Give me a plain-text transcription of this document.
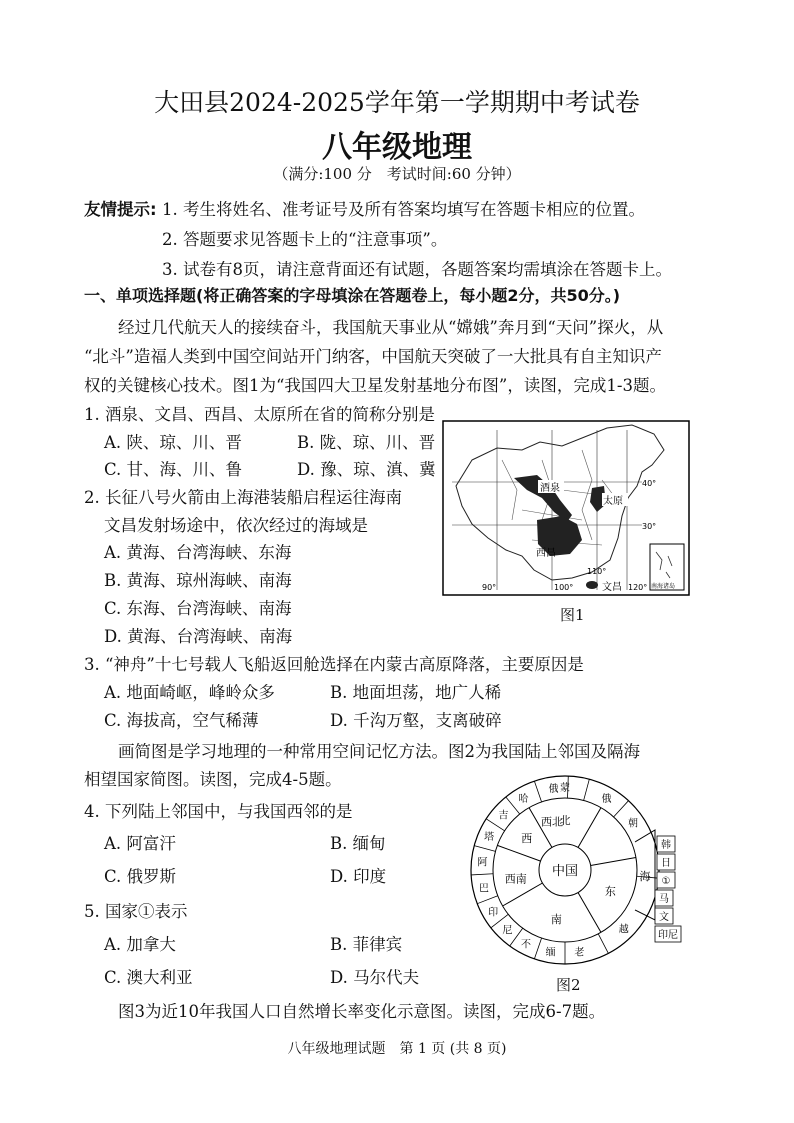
大田县2024-2025学年第一学期期中考试卷
八年级地理
（满分:100 分　考试时间:60 分钟）
友情提示: 1. 考生将姓名、准考证号及所有答案均填写在答题卡相应的位置。
2. 答题要求见答题卡上的“注意事项”。
3. 试卷有8页，请注意背面还有试题，各题答案均需填涂在答题卡上。
一、单项选择题(将正确答案的字母填涂在答题卷上，每小题2分，共50分。)
经过几代航天人的接续奋斗，我国航天事业从“嫦娥”奔月到“天问”探火，从
“北斗”造福人类到中国空间站开门纳客，中国航天突破了一大批具有自主知识产
权的关键核心技术。图1为“我国四大卫星发射基地分布图”，读图，完成1-3题。
1. 酒泉、文昌、西昌、太原所在省的简称分别是
A. 陕、琼、川、晋	B. 陇、琼、川、晋
C. 甘、海、川、鲁	D. 豫、琼、滇、冀
2. 长征八号火箭由上海港装船启程运往海南
文昌发射场途中，依次经过的海域是
A. 黄海、台湾海峡、东海
B. 黄海、琼州海峡、南海
C. 东海、台湾海峡、南海
D. 黄海、台湾海峡、南海
酒泉
太原
西昌
文昌
40°
30°
90°	100°
110°
120° 南海诸岛
图1
3. “神舟”十七号载人飞船返回舱选择在内蒙古高原降落，主要原因是
A. 地面崎岖，峰岭众多	B. 地面坦荡，地广人稀
C. 海拔高，空气稀薄	D. 千沟万壑，支离破碎
画简图是学习地理的一种常用空间记忆方法。图2为我国陆上邻国及隔海
相望国家简图。读图，完成4-5题。
4. 下列陆上邻国中，与我国西邻的是
A. 阿富汗	B. 缅甸
C. 俄罗斯	D. 印度
5. 国家①表示
A. 加拿大	B. 菲律宾
C. 澳大利亚	D. 马尔代夫
中国
北
东
南
西南
西
西北
蒙
俄
朝
越
老
缅
不
尼
印
巴
阿
塔
吉
哈
俄
海
韩
日
①
马
文
印尼
图2
图3为近10年我国人口自然增长率变化示意图。读图，完成6-7题。
八年级地理试题　第 1 页 (共 8 页)
